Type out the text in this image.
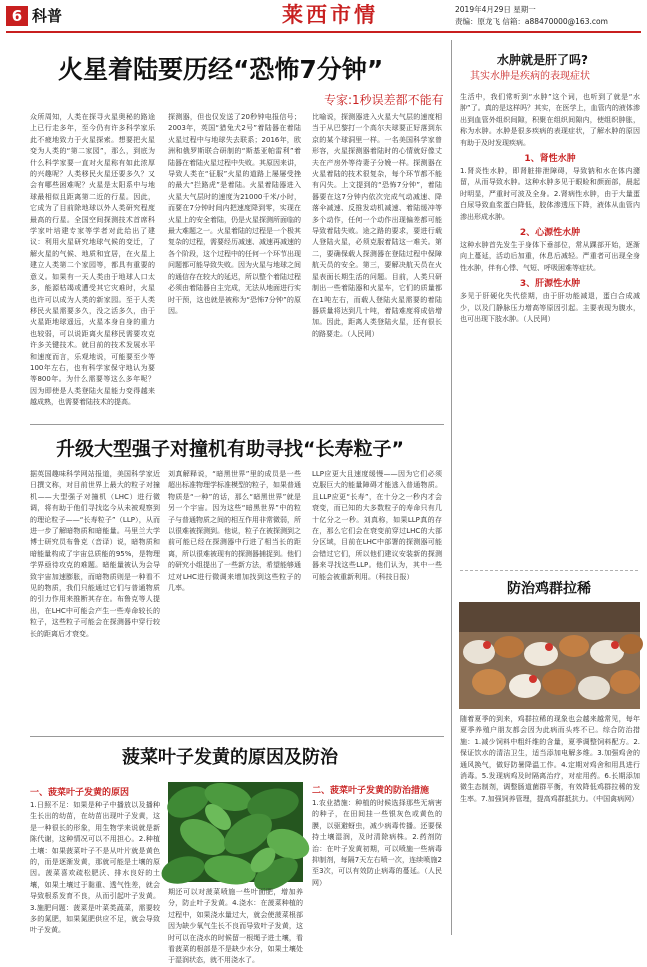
6 科普	莱西市情	2019年4月29日 星期一
责编：原龙飞 信箱：a88470000@163.com
火星着陆要历经“恐怖7分钟”
专家:1秒误差都不能有
众所周知，人类在探寻火星奥秘的路途上已行走多年，至今仍有许多科学家乐此不疲地致力于火星探索。想要把火星变为人类的“第二家园”，那么，到底为什么科学家要一直对火星称有如此浓厚的兴趣呢？人类移民火星还要多久？又会有哪些困难呢？火星是太阳系中与地球最相似且距离第二近的行星。因此，它成为了目前除地球以外人类研究程度最高的行星。全国空间探测技术首席科学家叶培建专家等学者对此给出了建议：利用火星研究地球气候的变迁，了解火星的气候、地质和宜居，在火星上建立人类第二个家园等，都具有重要的意义。如果有一天人类由于地球人口太多，能源枯竭或遭受其它灾难时，火星也许可以成为人类的新家园。至于人类移民火星需要多久，没之活多久，由于火星距地球遥远，火星本身自身的重力也较弱，可以说距离火星移民需要攻克许多关键技术。就目前的技术发展水平和速度而言，乐观地说，可能要至少等100年左右，也有科学家保守地认为要等800年。为什么需要等这么多年呢？因为即使是人类登陆火星能力变得越来越成熟，也需要着陆技术的提高。
探测器，但也仅发送了20秒钟电报信号；2003年，英国“猎兔犬2号”着陆器在着陆火星过程中与地球失去联系；2016年，欧洲和俄罗斯联合研制的“斯基亚帕雷利”着陆器在着陆火星过程中失败。其原因来讲，导致人类在“征服”火星的道路上屡屡受挫的最大“拦路虎”是着陆。火星着陆器进入火星大气层时的速度为21000千米/小时，而要在7分钟时间内把速度降到零，实现在火星上的安全着陆，仍是火星探测所面临的最大难题之一。火星着陆的过程是一个极其复杂的过程，需要经历减速、减速再减速的各个阶段，这个过程中的任何一个环节出现问题都可能导致失败。因为火星与地球之间的通信存在较大的延迟，所以整个着陆过程必须由着陆器自主完成，无法从地面进行实时干预，这也就是被称为“恐怖7分钟”的原因。
比喻说，探测器进入火星大气层的速度相当于从巴黎打一个高尔夫球要正好落到东京的某个球洞里一样。一名美国科学家曾形容，火星探测器着陆时的心情就好像丈夫在产房外等待妻子分娩一样。探测器在火星着陆的技术很复杂，每个环节都不能有闪失。上文提到的“恐怖7分钟”，着陆器要在这7分钟内依次完成气动减速、降落伞减速、反推发动机减速、着陆缓冲等多个动作，任何一个动作出现偏差都可能导致着陆失败。途之路的要求，要进行载人登陆火星，必须克服着陆这一难关。第二，要确保载人探测器在登陆过程中保障航天员的安全。第三，要解决航天员在火星表面长期生活的问题。目前，人类只研制出一些着陆器和火星车，它们的质量都在1吨左右，而载人登陆火星需要的着陆器质量将达到几十吨，着陆难度将成倍增加。因此，距离人类登陆火星，还有很长的路要走。（人民网）
升级大型强子对撞机有助寻找“长寿粒子”
据英国趣味科学网站报道，美国科学家近日撰文称，对目前世界上最大的粒子对撞机——大型强子对撞机（LHC）进行微调，将有助于他们寻找迄今从未被观察到的理论粒子——“长寿粒子”（LLP），从而进一步了解暗物质和暗能量。马里兰大学博士研究员布鲁克（音译）说，暗物质和暗能量构成了宇宙总质能的95%，是物理学界亟待攻克的难题。暗能量被认为会导致宇宙加速膨胀，而暗物质则是一种看不见的物质，我们只能通过它们与普通物质的引力作用来推断其存在。布鲁克等人提出，在LHC中可能会产生一些寿命较长的粒子，这些粒子可能会在探测器中穿行较长的距离后才衰变。
刘真解释说，“暗黑世界”里的成员是一些超出标准物理学标准模型的粒子，如果普通物质是“一种”的话，那么“暗黑世界”就是另一个宇宙。因为这些“暗黑世界”中的粒子与普通物质之间的相互作用非常微弱，所以很难被探测到。他说，粒子在被探测到之前可能已经在探测器中行进了相当长的距离，所以很难被现有的探测器捕捉到。他们的研究小组提出了一些新方法，希望能够通过对LHC进行微调来增加找到这些粒子的几率。
LLP应更大且速度缓慢——因为它们必须克服巨大的能量障碍才能逃入普通物质。且LLP应更“长寿”，在十分之一秒内才会衰变，而已知的大多数粒子的寿命只有几十亿分之一秒。刘真称，如果LLP真的存在，那么它们会在衰变前穿过LHC的大部分区域，目前在LHC中部署的探测器可能会错过它们，所以他们建议安装新的探测器来寻找这些LLP。他们认为，其中一些可能会被重新利用。（科技日报）
菠菜叶子发黄的原因及防治
一、菠菜叶子发黄的原因
1.日照不足：如果是种子中播放以及播种生长出的幼苗，在幼苗出现叶子发黄，这是一种很长的形象，用生物学来说就是新陈代谢，这种情况可以不用担心。2.种植土壤：如果菠菜叶子不是从叶片就是黄色的，而是逐渐发黄，那就可能是土壤的原因。菠菜喜欢疏松肥沃、排水良好的土壤，如果土壤过于黏重、透气性差，就会导致根系发育不良，从而引起叶子发黄。3.施肥问题：菠菜是叶菜类蔬菜，需要较多的氮肥，如果氮肥供应不足，就会导致叶子发黄。
期还可以对菠菜喷施一些叶面肥，增加养分，防止叶子发黄。4.浇水：在菠菜种植的过程中，如果浇水量过大，就会使菠菜根部因为缺少氧气生长不良而导致叶子发黄，这时可以在浇水的时候留一根绳子进土壤，看看菠菜的根部是不是缺少水分，如果土壤处于湿润状态，就不用浇水了。
二、菠菜叶子发黄的防治措施
1.农业措施：种植的时候选择那些无病害的种子，在田间挂一些银灰色或黄色的膜，以驱避蚜虫，减少病毒传播。还要保持土壤湿润，及时清除病株。2.药剂防治：在叶子发黄初期，可以喷施一些病毒抑制剂，每隔7天左右喷一次，连续喷施2至3次，可以有效防止病毒的蔓延。（人民网）
水肿就是肝了吗?
其实水肿是疾病的表现症状
生活中，我们常听到“水肿”这个词，也听到了就是“水肿”了。真的是这样吗？其实，在医学上，血管内的液体渗出到血管外组织间隙，积聚在组织间隙内，使组织肿胀，称为水肿。水肿是很多疾病的表现症状，了解水肿的原因有助于及时发现疾病。
1、肾性水肿
1.肾炎性水肿，即肾脏排泄障碍，导致钠和水在体内潴留，从而导致水肿。这种水肿多见于眼睑和颜面部，晨起时明显，严重时可波及全身。2.肾病性水肿，由于大量蛋白尿导致血浆蛋白降低，胶体渗透压下降，液体从血管内渗出形成水肿。
2、心源性水肿
这种水肿首先发生于身体下垂部位，常从踝部开始，逐渐向上蔓延，活动后加重，休息后减轻。严重者可出现全身性水肿，伴有心悸、气短、呼吸困难等症状。
3、肝源性水肿
多见于肝硬化失代偿期，由于肝功能减退，蛋白合成减少，以及门静脉压力增高等原因引起。主要表现为腹水，也可出现下肢水肿。（人民网）
防治鸡群拉稀
随着夏季的到来，鸡群拉稀的现象也会越来越常见，每年夏季养殖户朋友都会因为此病而头疼不已。综合防治措施：1.减少饲料中粗纤维的含量，夏季调整饲料配方。2.保证饮水的清洁卫生，适当添加电解多维。3.加强鸡舍的通风换气，做好防暑降温工作。4.定期对鸡舍和用具进行消毒。5.发现病鸡及时隔离治疗，对症用药。6.长期添加微生态制剂，调整肠道菌群平衡，有效降低鸡群拉稀的发生率。7.加强饲养管理，提高鸡群抵抗力。（中国禽病网）
